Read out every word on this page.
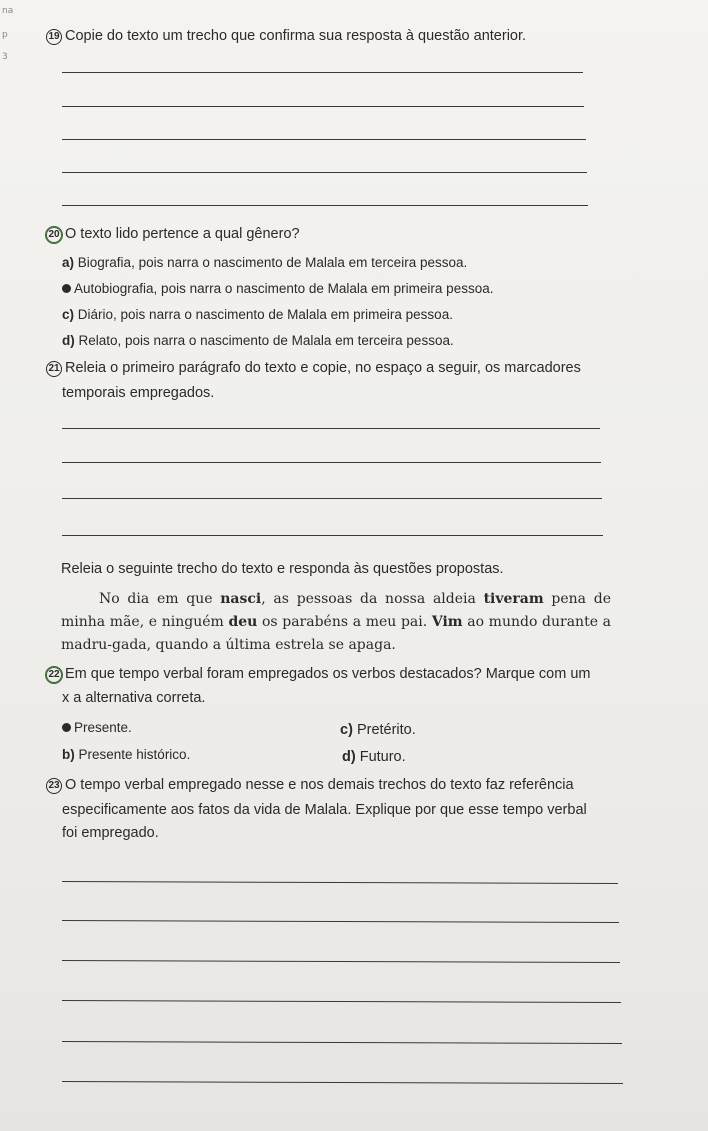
na
p
3
19 Copie do texto um trecho que confirma sua resposta à questão anterior.
20 O texto lido pertence a qual gênero?
a) Biografia, pois narra o nascimento de Malala em terceira pessoa.
Autobiografia, pois narra o nascimento de Malala em primeira pessoa.
c) Diário, pois narra o nascimento de Malala em primeira pessoa.
d) Relato, pois narra o nascimento de Malala em terceira pessoa.
21 Releia o primeiro parágrafo do texto e copie, no espaço a seguir, os marcadores
temporais empregados.
Releia o seguinte trecho do texto e responda às questões propostas.
No dia em que nasci, as pessoas da nossa aldeia tiveram pena de minha mãe, e ninguém deu os parabéns a meu pai. Vim ao mundo durante a madru-gada, quando a última estrela se apaga.
22 Em que tempo verbal foram empregados os verbos destacados? Marque com um
x a alternativa correta.
Presente.
b) Presente histórico.
c) Pretérito.
d) Futuro.
23 O tempo verbal empregado nesse e nos demais trechos do texto faz referência
especificamente aos fatos da vida de Malala. Explique por que esse tempo verbal
foi empregado.
